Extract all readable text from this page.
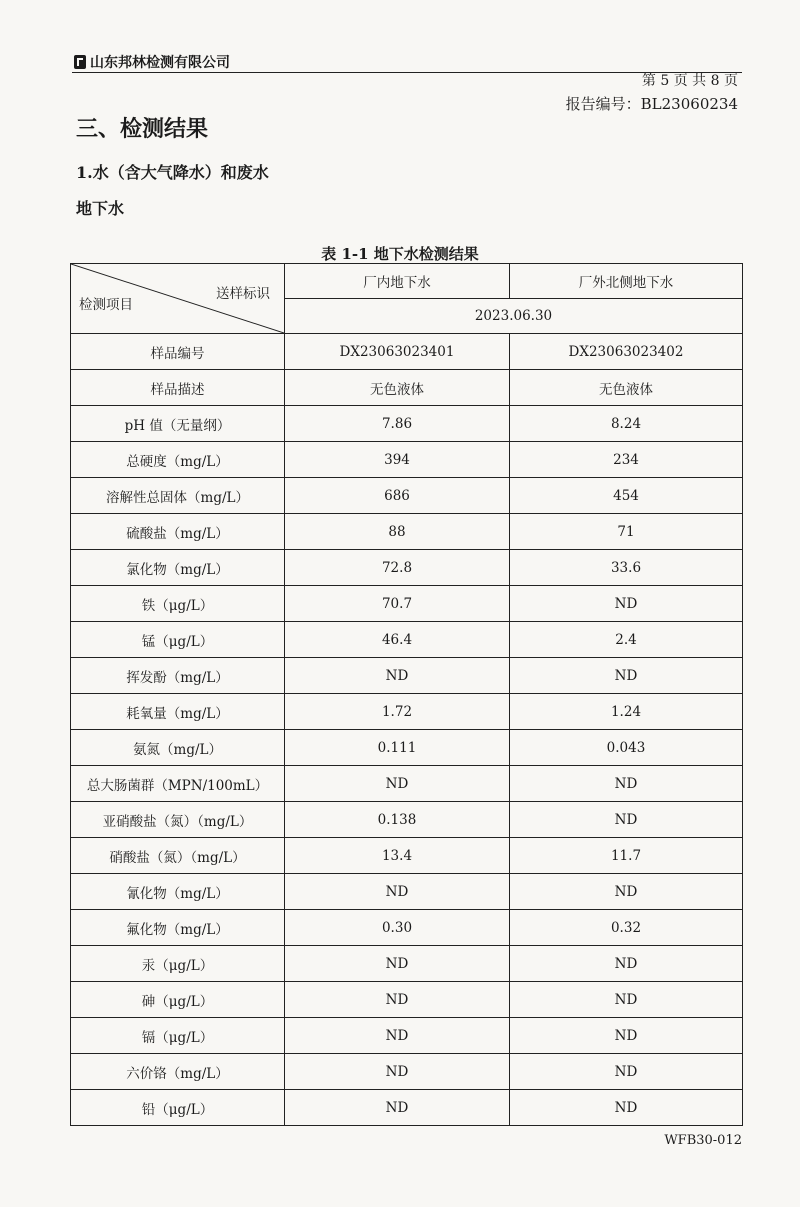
山东邦林检测有限公司
第 5 页 共 8 页
报告编号：BL23060234
三、检测结果
1.水（含大气降水）和废水
地下水
表 1-1 地下水检测结果
送样标识
检测项目	厂内地下水	厂外北侧地下水
	2023.06.30	
样品编号	DX23063023401	DX23063023402
样品描述	无色液体	无色液体
pH 值（无量纲）	7.86	8.24
总硬度（mg/L）	394	234
溶解性总固体（mg/L）	686	454
硫酸盐（mg/L）	88	71
氯化物（mg/L）	72.8	33.6
铁（μg/L）	70.7	ND
锰（μg/L）	46.4	2.4
挥发酚（mg/L）	ND	ND
耗氧量（mg/L）	1.72	1.24
氨氮（mg/L）	0.111	0.043
总大肠菌群（MPN/100mL）	ND	ND
亚硝酸盐（氮）（mg/L）	0.138	ND
硝酸盐（氮）（mg/L）	13.4	11.7
氰化物（mg/L）	ND	ND
氟化物（mg/L）	0.30	0.32
汞（μg/L）	ND	ND
砷（μg/L）	ND	ND
镉（μg/L）	ND	ND
六价铬（mg/L）	ND	ND
铅（μg/L）	ND	ND
WFB30-012
